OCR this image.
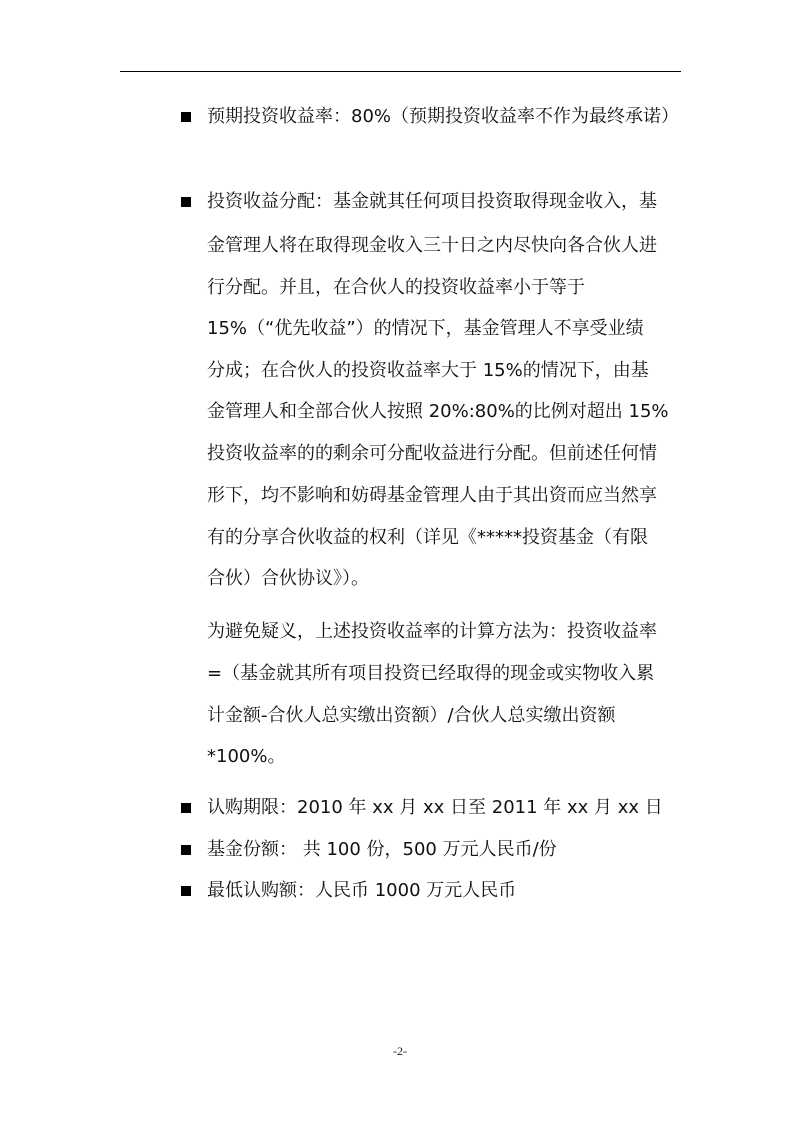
预期投资收益率：80%（预期投资收益率不作为最终承诺）
投资收益分配：基金就其任何项目投资取得现金收入，基
金管理人将在取得现金收入三十日之内尽快向各合伙人进
行分配。并且，在合伙人的投资收益率小于等于
15%（“优先收益”）的情况下，基金管理人不享受业绩
分成；在合伙人的投资收益率大于 15%的情况下，由基
金管理人和全部合伙人按照 20%:80%的比例对超出 15%
投资收益率的的剩余可分配收益进行分配。但前述任何情
形下，均不影响和妨碍基金管理人由于其出资而应当然享
有的分享合伙收益的权利（详见《*****投资基金（有限
合伙）合伙协议》）。
为避免疑义，上述投资收益率的计算方法为：投资收益率
=（基金就其所有项目投资已经取得的现金或实物收入累
计金额-合伙人总实缴出资额）/合伙人总实缴出资额
*100%。
认购期限：2010 年 xx 月 xx 日至 2011 年 xx 月 xx 日
基金份额： 共 100 份，500 万元人民币/份
最低认购额：人民币 1000 万元人民币
-2-
